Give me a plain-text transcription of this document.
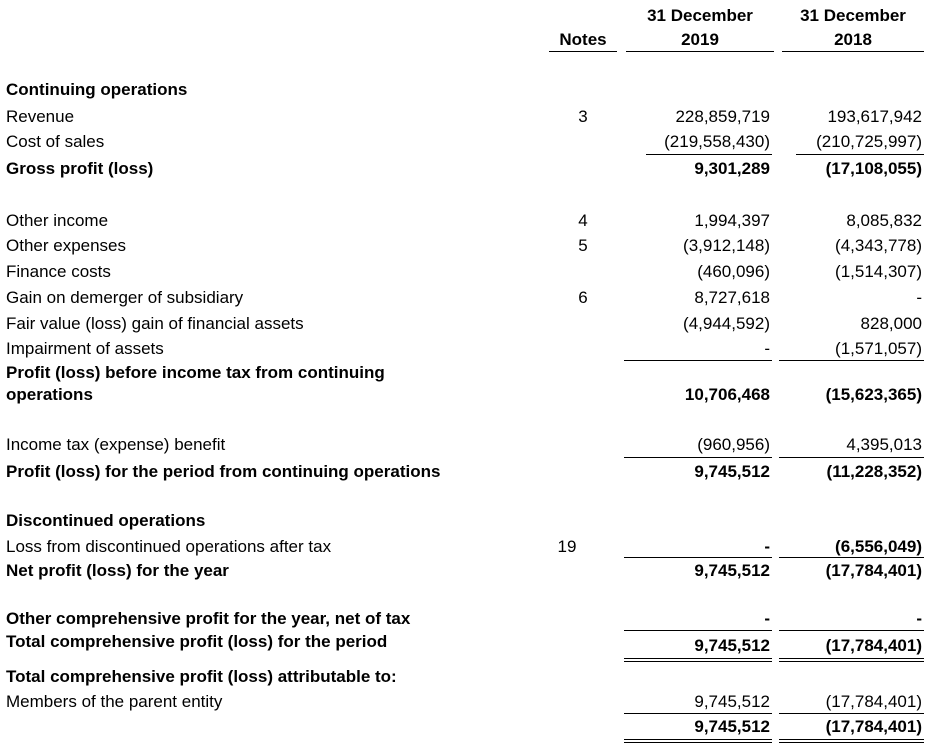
Notes
31 December
2019
31 December
2018
Continuing operations
Revenue	3	228,859,719	193,617,942
Cost of sales	(219,558,430)	(210,725,997)
Gross profit (loss)	9,301,289	(17,108,055)
Other income	4	1,994,397	8,085,832
Other expenses	5	(3,912,148)	(4,343,778)
Finance costs	(460,096)	(1,514,307)
Gain on demerger of subsidiary	6	8,727,618	-
Fair value (loss) gain of financial assets	(4,944,592)	828,000
Impairment of assets	-	(1,571,057)
Profit (loss) before income tax from continuing
operations	10,706,468	(15,623,365)
Income tax (expense) benefit	(960,956)	4,395,013
Profit (loss) for the period from continuing operations	9,745,512	(11,228,352)
Discontinued operations
Loss from discontinued operations after tax	19	-	(6,556,049)
Net profit (loss) for the year	9,745,512	(17,784,401)
Other comprehensive profit for the year, net of tax	-	-
Total comprehensive profit (loss) for the period	9,745,512	(17,784,401)
Total comprehensive profit (loss) attributable to:
Members of the parent entity	9,745,512	(17,784,401)
9,745,512	(17,784,401)
